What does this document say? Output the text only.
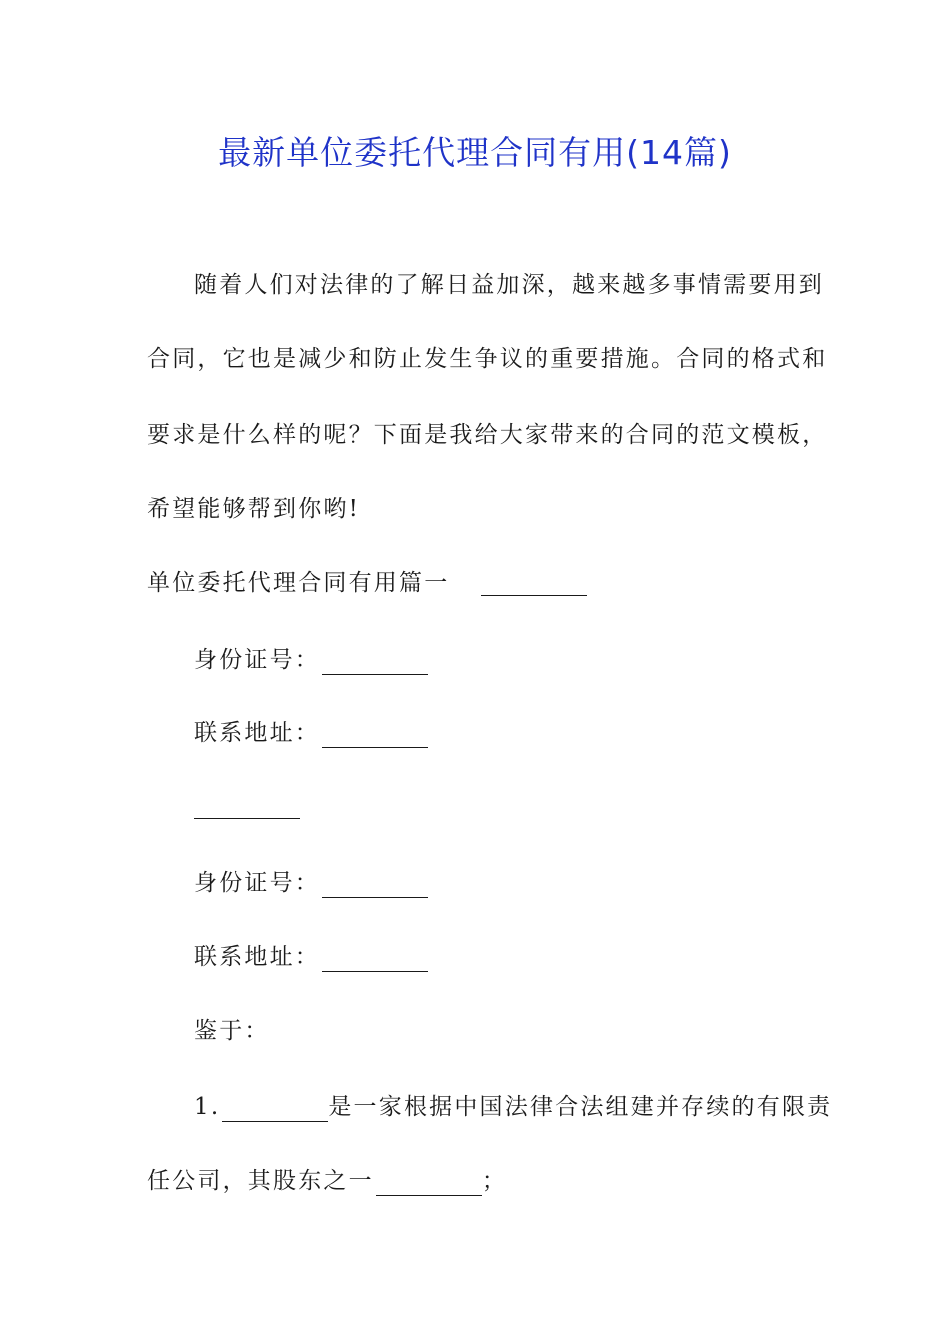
最新单位委托代理合同有用(14篇)
随着人们对法律的了解日益加深，越来越多事情需要用到
合同，它也是减少和防止发生争议的重要措施。合同的格式和
要求是什么样的呢？下面是我给大家带来的合同的范文模板，
希望能够帮到你哟!
单位委托代理合同有用篇一
身份证号：
联系地址：
身份证号：
联系地址：
鉴于：
1.	是一家根据中国法律合法组建并存续的有限责
任公司，其股东之一	；
